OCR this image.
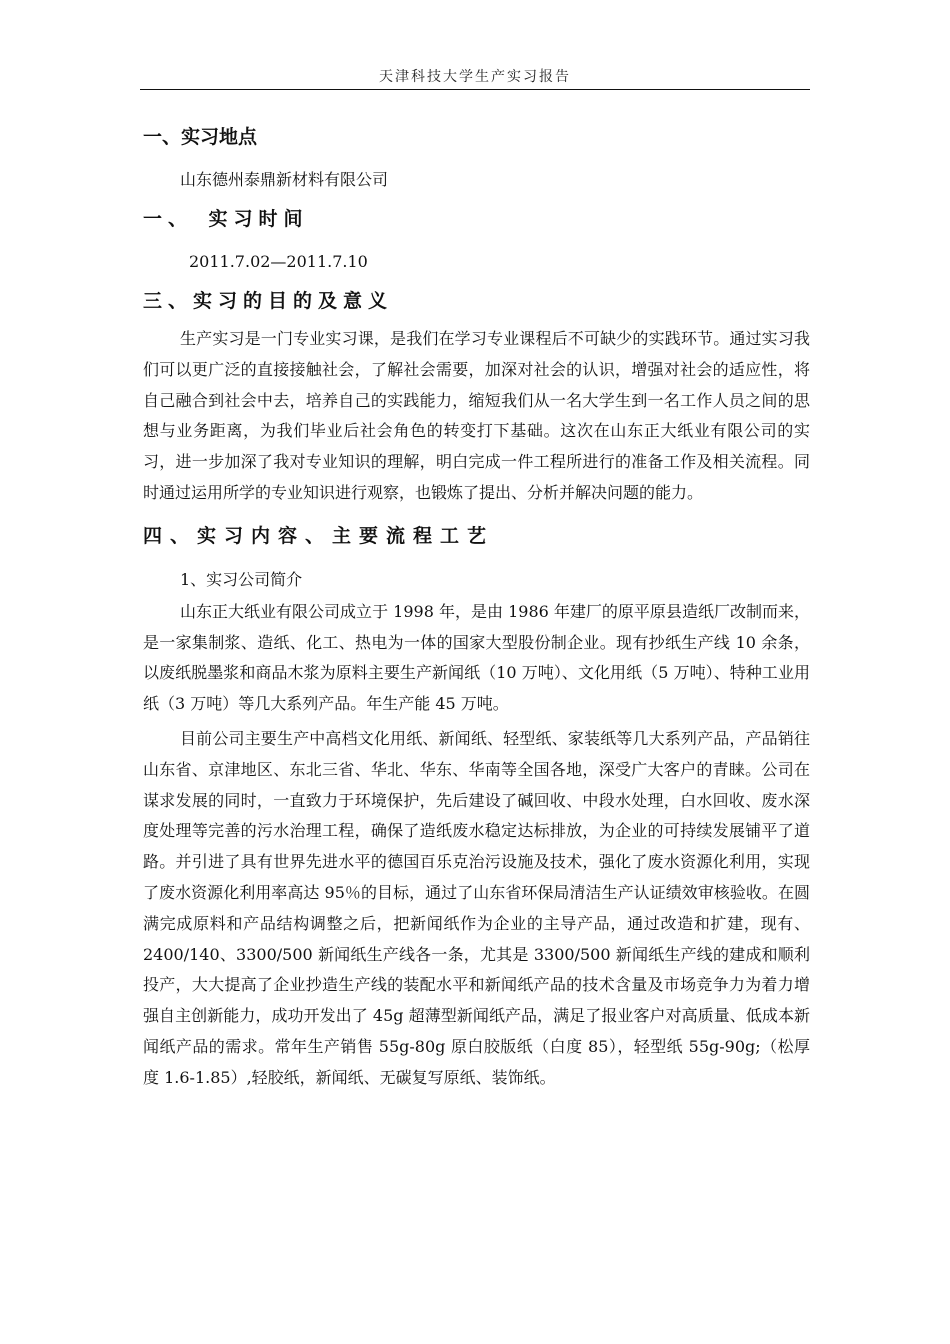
天津科技大学生产实习报告
一、实习地点
山东德州泰鼎新材料有限公司
一、　实习时间
2011.7.02—2011.7.10
三、实习的目的及意义

生产实习是一门专业实习课，是我们在学习专业课程后不可缺少的实践环节。通过实习我们可以更广泛的直接接触社会，了解社会需要，加深对社会的认识，增强对社会的适应性，将自己融合到社会中去，培养自己的实践能力，缩短我们从一名大学生到一名工作人员之间的思想与业务距离，为我们毕业后社会角色的转变打下基础。这次在山东正大纸业有限公司的实习，进一步加深了我对专业知识的理解，明白完成一件工程所进行的准备工作及相关流程。同时通过运用所学的专业知识进行观察，也锻炼了提出、分析并解决问题的能力。

四、实习内容、主要流程工艺
1、实习公司简介

山东正大纸业有限公司成立于 1998 年，是由 1986 年建厂的原平原县造纸厂改制而来，是一家集制浆、造纸、化工、热电为一体的国家大型股份制企业。现有抄纸生产线 10 余条，以废纸脱墨浆和商品木浆为原料主要生产新闻纸（10 万吨）、文化用纸（5 万吨）、特种工业用纸（3 万吨）等几大系列产品。年生产能 45 万吨。

目前公司主要生产中高档文化用纸、新闻纸、轻型纸、家装纸等几大系列产品，产品销往山东省、京津地区、东北三省、华北、华东、华南等全国各地，深受广大客户的青睐。公司在谋求发展的同时，一直致力于环境保护，先后建设了碱回收、中段水处理，白水回收、废水深度处理等完善的污水治理工程，确保了造纸废水稳定达标排放，为企业的可持续发展铺平了道路。并引进了具有世界先进水平的德国百乐克治污设施及技术，强化了废水资源化利用，实现了废水资源化利用率高达 95％的目标，通过了山东省环保局清洁生产认证绩效审核验收。在圆满完成原料和产品结构调整之后，把新闻纸作为企业的主导产品，通过改造和扩建，现有、2400/140、3300/500 新闻纸生产线各一条，尤其是 3300/500 新闻纸生产线的建成和顺利投产，大大提高了企业抄造生产线的装配水平和新闻纸产品的技术含量及市场竞争力为着力增强自主创新能力，成功开发出了 45g 超薄型新闻纸产品，满足了报业客户对高质量、低成本新闻纸产品的需求。常年生产销售 55g-80g 原白胶版纸（白度 85），轻型纸 55g-90g;（松厚度 1.6-1.85）,轻胶纸，新闻纸、无碳复写原纸、装饰纸。
